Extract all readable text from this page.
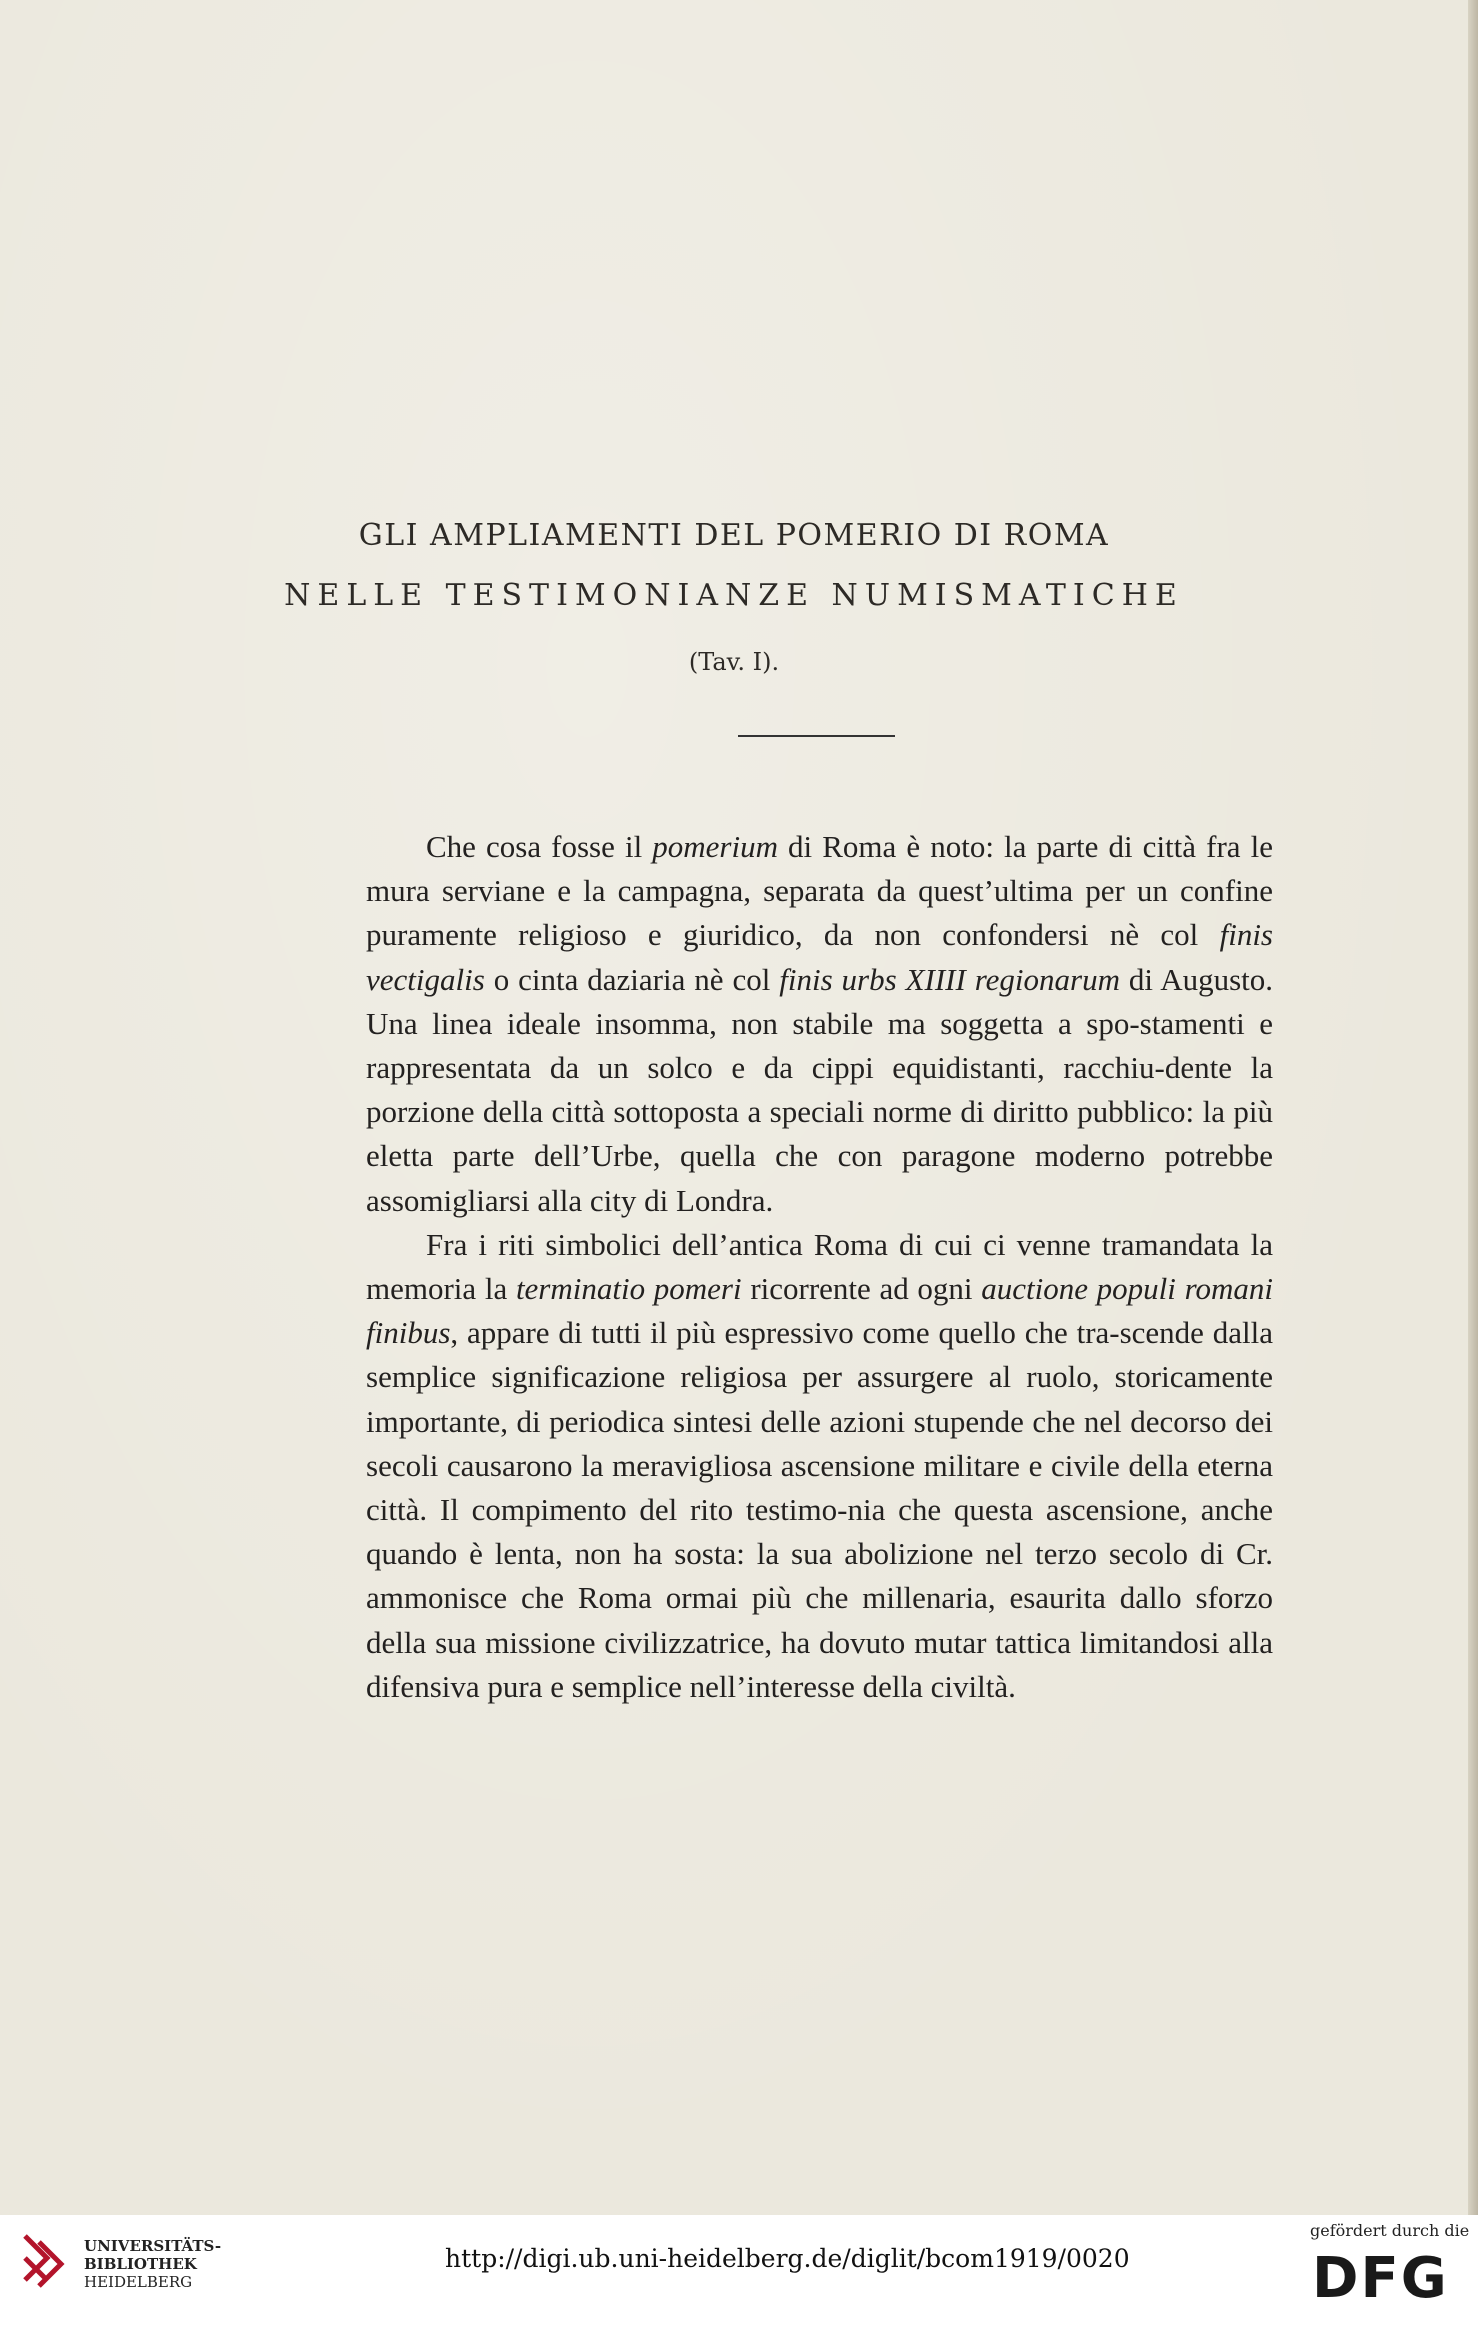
GLI AMPLIAMENTI DEL POMERIO DI ROMA
NELLE TESTIMONIANZE NUMISMATICHE
(Tav. I).

Che cosa fosse il pomerium di Roma è noto: la parte di città fra le mura serviane e la campagna, separata da quest’ultima per un confine puramente religioso e giuridico, da non confondersi nè col finis vectigalis o cinta daziaria nè col finis urbs XIIII regionarum di Augusto. Una linea ideale insomma, non stabile ma soggetta a spo-stamenti e rappresentata da un solco e da cippi equidistanti, racchiu-dente la porzione della città sottoposta a speciali norme di diritto pubblico: la più eletta parte dell’Urbe, quella che con paragone moderno potrebbe assomigliarsi alla city di Londra.

Fra i riti simbolici dell’antica Roma di cui ci venne tramandata la memoria la terminatio pomeri ricorrente ad ogni auctione populi romani finibus, appare di tutti il più espressivo come quello che tra-scende dalla semplice significazione religiosa per assurgere al ruolo, storicamente importante, di periodica sintesi delle azioni stupende che nel decorso dei secoli causarono la meravigliosa ascensione militare e civile della eterna città. Il compimento del rito testimo-nia che questa ascensione, anche quando è lenta, non ha sosta: la sua abolizione nel terzo secolo di Cr. ammonisce che Roma ormai più che millenaria, esaurita dallo sforzo della sua missione civilizzatrice, ha dovuto mutar tattica limitandosi alla difensiva pura e semplice nell’interesse della civiltà.

UNIVERSITÄTS-
BIBLIOTHEK
HEIDELBERG
http://digi.ub.uni-heidelberg.de/diglit/bcom1919/0020
gefördert durch die
DFG
